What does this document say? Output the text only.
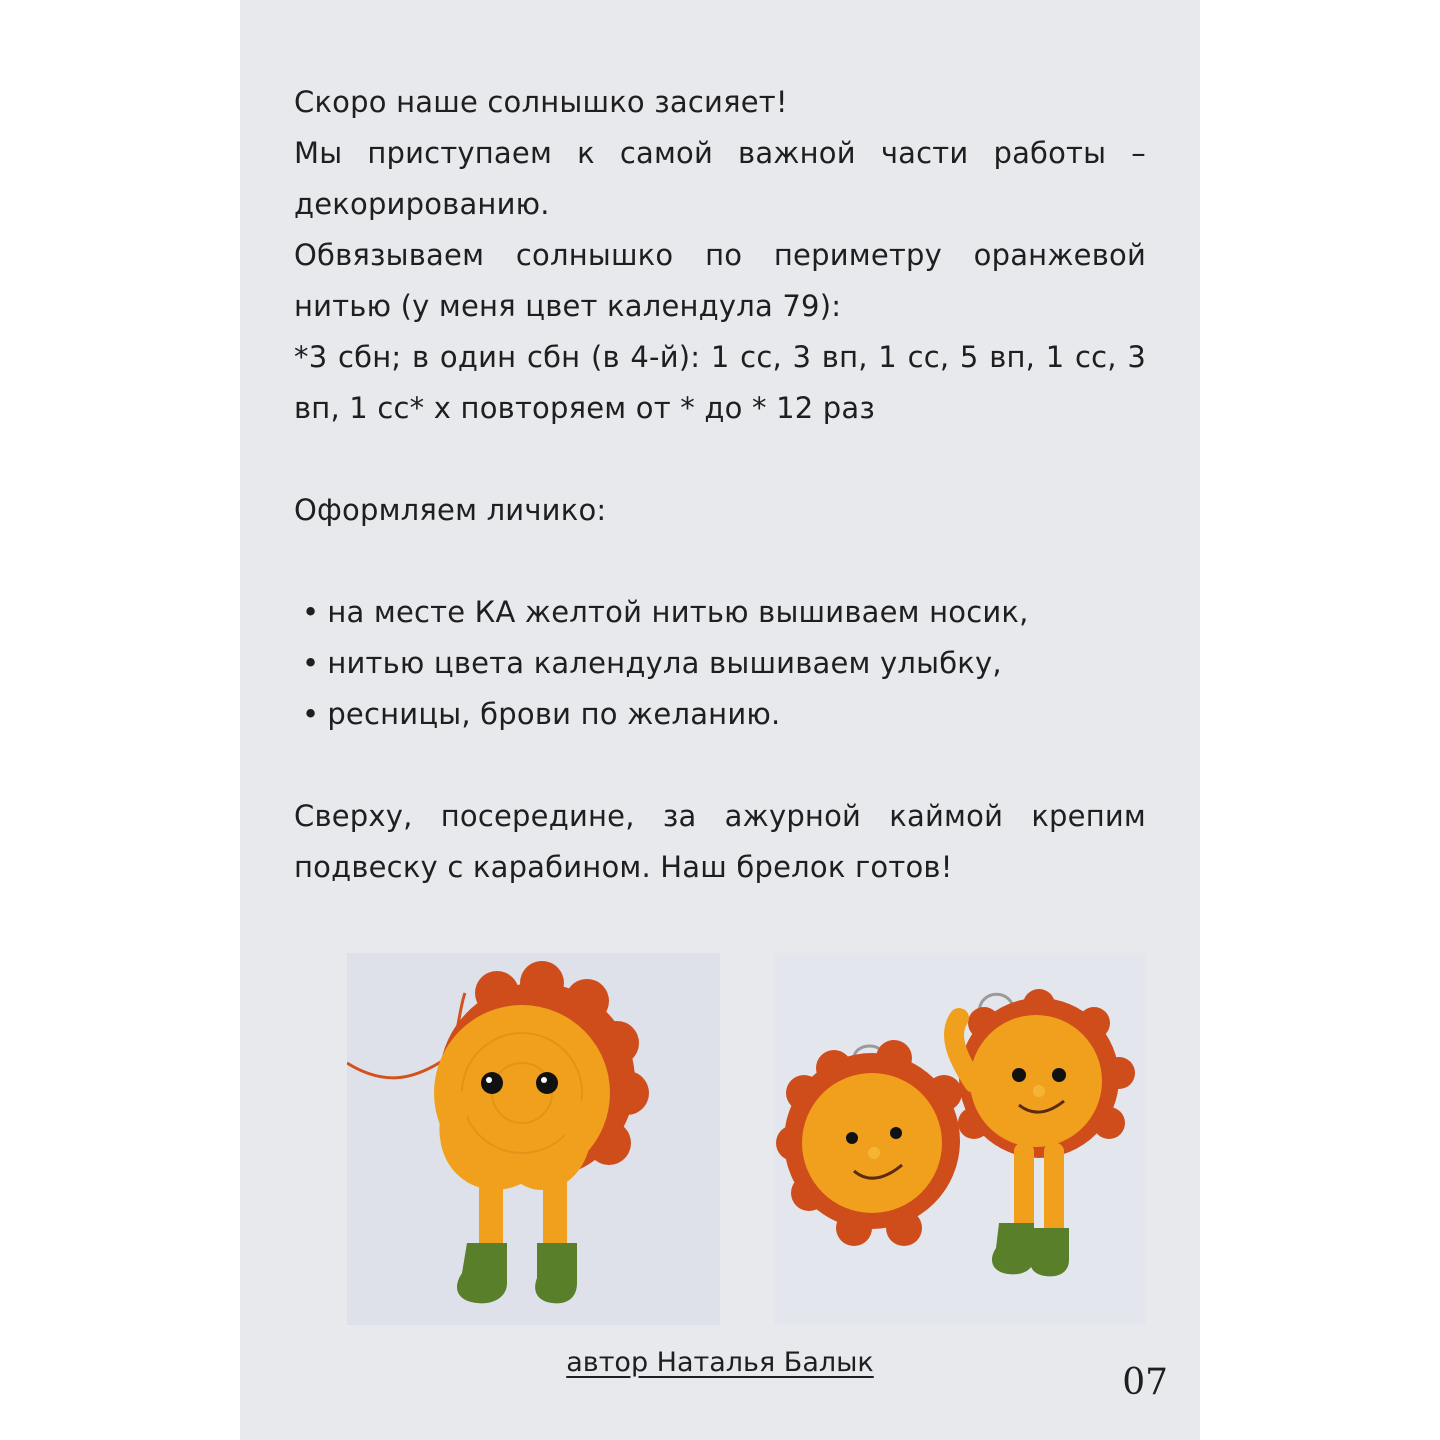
Скоро наше солнышко засияет!

Мы приступаем к самой важной части работы –

декорированию.

Обвязываем солнышко по периметру оранжевой нитью (у меня цвет календула 79):

*3 сбн; в один сбн (в 4-й): 1 сс, 3 вп, 1 сс, 5 вп, 1 сс, 3 вп, 1 сс* х повторяем от * до * 12 раз

Оформляем личико:

• на месте КА желтой нитью вышиваем носик,
• нитью цвета календула вышиваем улыбку,
• ресницы, брови по желанию.

Сверху, посередине, за ажурной каймой крепим подвеску с карабином. Наш брелок готов!

автор Наталья Балык	07
